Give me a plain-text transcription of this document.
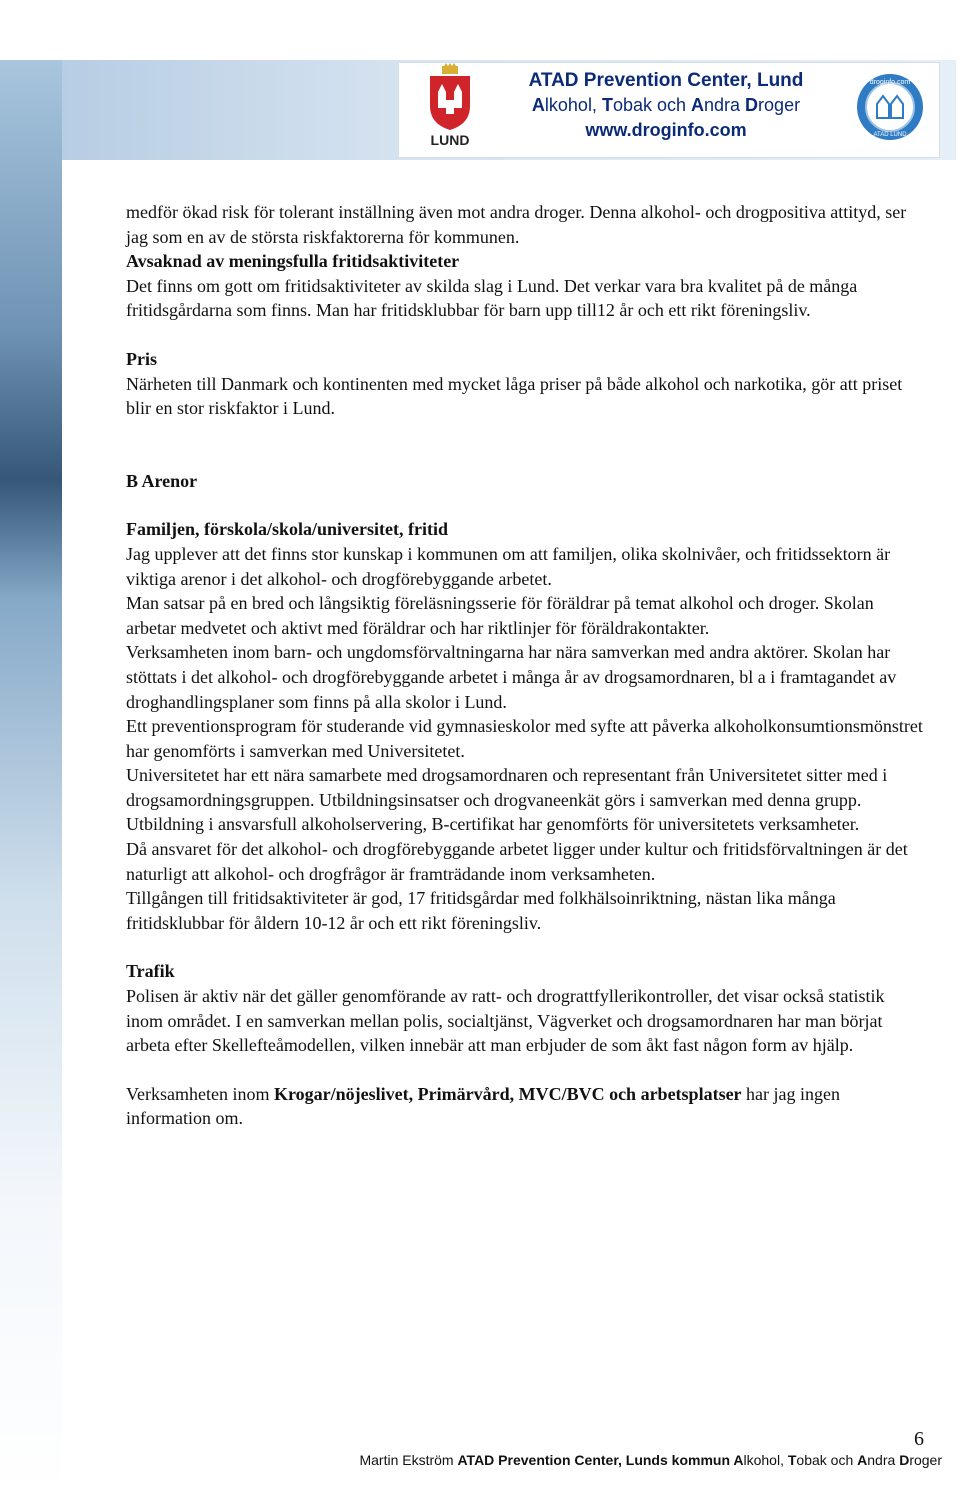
LUND
ATAD Prevention Center, Lund
Alkohol, Tobak och Andra Droger
www.droginfo.com
droginfo.com
ATAD LUND

medför ökad risk för tolerant inställning även mot andra droger. Denna alkohol- och drogpositiva attityd, ser jag som en av de största riskfaktorerna för kommunen.

Avsaknad av meningsfulla fritidsaktiviteter

Det finns om gott om fritidsaktiviteter av skilda slag i Lund. Det verkar vara bra kvalitet på de många fritidsgårdarna som finns. Man har fritidsklubbar för barn upp till12 år och ett rikt föreningsliv.

Pris

Närheten till Danmark och kontinenten med mycket låga priser på både alkohol och narkotika, gör att priset blir en stor riskfaktor i Lund.

B Arenor

Familjen, förskola/skola/universitet, fritid

Jag upplever att det finns stor kunskap i kommunen om att familjen, olika skolnivåer, och fritidssektorn är viktiga arenor i det alkohol- och drogförebyggande arbetet.

Man satsar på en bred och långsiktig föreläsningsserie för föräldrar på temat alkohol och droger. Skolan arbetar medvetet och aktivt med föräldrar och har riktlinjer för föräldrakontakter.

Verksamheten inom barn- och ungdomsförvaltningarna har nära samverkan med andra aktörer. Skolan har stöttats i det alkohol- och drogförebyggande arbetet i många år av drogsamordnaren, bl a i framtagandet av droghandlingsplaner som finns på alla skolor i Lund.

Ett preventionsprogram för studerande vid gymnasieskolor med syfte att påverka alkoholkonsumtionsmönstret har genomförts i samverkan med Universitetet.

Universitetet har ett nära samarbete med drogsamordnaren och representant från Universitetet sitter med i drogsamordningsgruppen. Utbildningsinsatser och drogvaneenkät görs i samverkan med denna grupp. Utbildning i ansvarsfull alkoholservering, B-certifikat har genomförts för universitetets verksamheter.

Då ansvaret för det alkohol- och drogförebyggande arbetet ligger under kultur och fritidsförvaltningen är det naturligt att alkohol- och drogfrågor är framträdande inom verksamheten.

Tillgången till fritidsaktiviteter är god, 17 fritidsgårdar med folkhälsoinriktning, nästan lika många fritidsklubbar för åldern 10-12 år och ett rikt föreningsliv.

Trafik

Polisen är aktiv när det gäller genomförande av ratt- och drograttfyllerikontroller, det visar också statistik inom området. I en samverkan mellan polis, socialtjänst, Vägverket och drogsamordnaren har man börjat arbeta efter Skellefteåmodellen, vilken innebär att man erbjuder de som åkt fast någon form av hjälp.

Verksamheten inom Krogar/nöjeslivet, Primärvård, MVC/BVC och arbetsplatser har jag ingen information om.

6
Martin Ekström ATAD Prevention Center, Lunds kommun Alkohol, Tobak och Andra Droger
